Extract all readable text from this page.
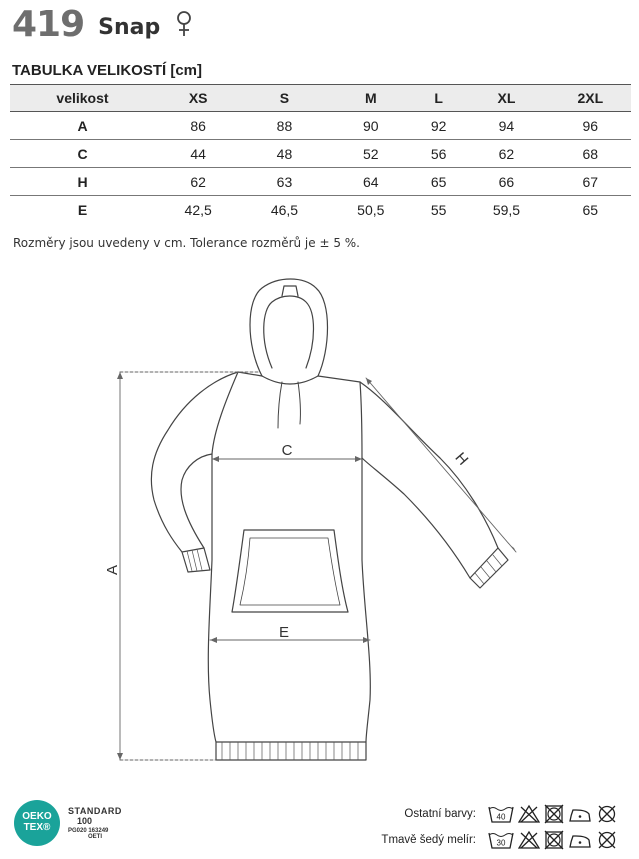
419 Snap
TABULKA VELIKOSTÍ [cm]
velikost	XS	S	M	L	XL	2XL
A	86	88	90	92	94	96
C	44	48	52	56	62	68
H	62	63	64	65	66	67
E	42,5	46,5	50,5	55	59,5	65
Rozměry jsou uvedeny v cm. Tolerance rozměrů je ± 5 %.
A
C
E
H
OEKO
TEX®
STANDARD
100
PG020 163249
OETI
Ostatní barvy:	40
Tmavě šedý melír:	30
